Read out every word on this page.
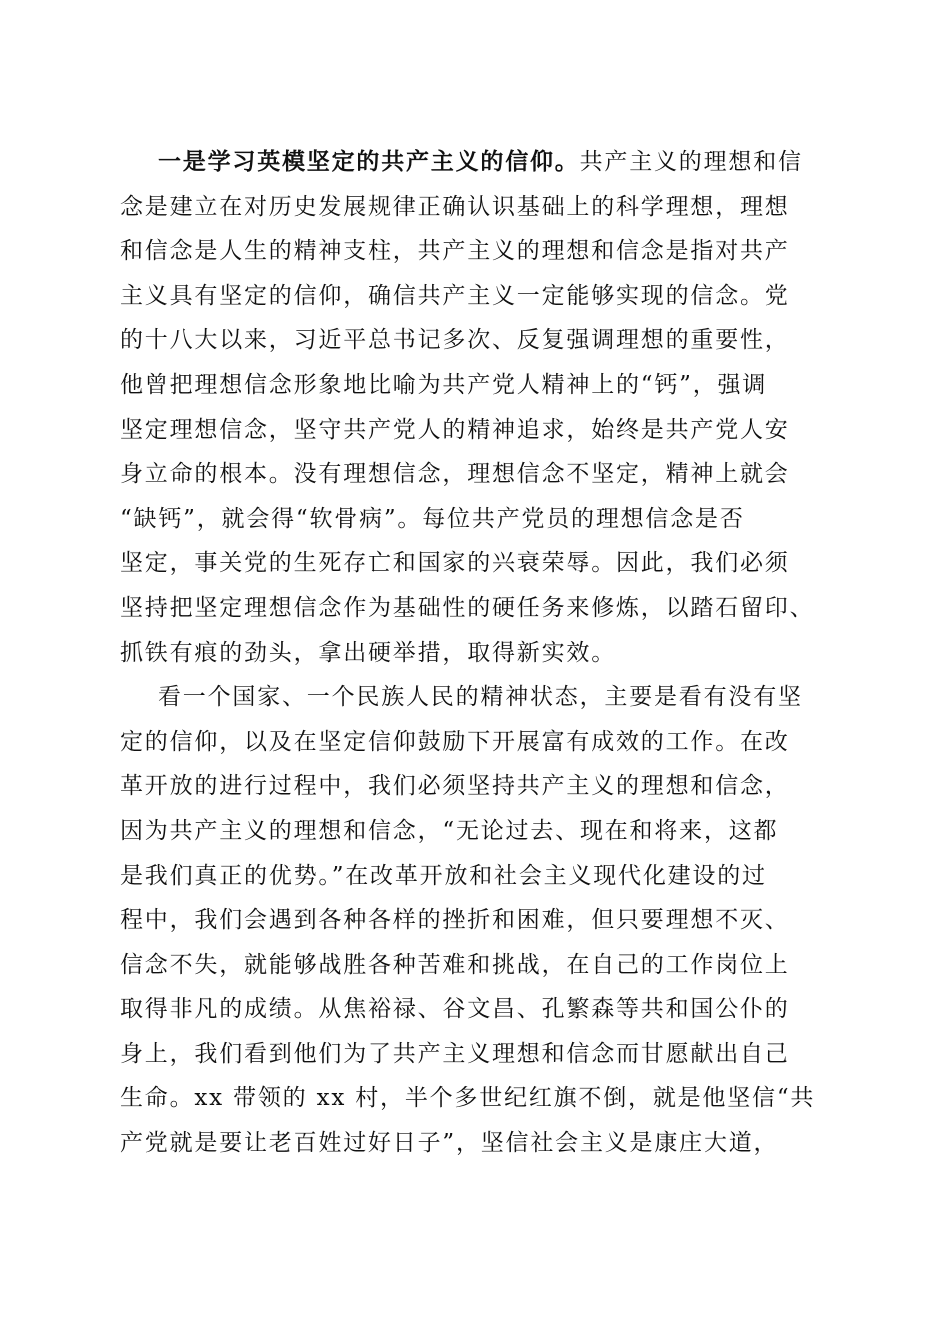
一是学习英模坚定的共产主义的信仰。共产主义的理想和信
念是建立在对历史发展规律正确认识基础上的科学理想，理想
和信念是人生的精神支柱，共产主义的理想和信念是指对共产
主义具有坚定的信仰，确信共产主义一定能够实现的信念。党
的十八大以来，习近平总书记多次、反复强调理想的重要性，
他曾把理想信念形象地比喻为共产党人精神上的“钙”，强调
坚定理想信念，坚守共产党人的精神追求，始终是共产党人安
身立命的根本。没有理想信念，理想信念不坚定，精神上就会
“缺钙”，就会得“软骨病”。每位共产党员的理想信念是否
坚定，事关党的生死存亡和国家的兴衰荣辱。因此，我们必须
坚持把坚定理想信念作为基础性的硬任务来修炼，以踏石留印、
抓铁有痕的劲头，拿出硬举措，取得新实效。
看一个国家、一个民族人民的精神状态，主要是看有没有坚
定的信仰，以及在坚定信仰鼓励下开展富有成效的工作。在改
革开放的进行过程中，我们必须坚持共产主义的理想和信念，
因为共产主义的理想和信念，“无论过去、现在和将来，这都
是我们真正的优势。”在改革开放和社会主义现代化建设的过
程中，我们会遇到各种各样的挫折和困难，但只要理想不灭、
信念不失，就能够战胜各种苦难和挑战，在自己的工作岗位上
取得非凡的成绩。从焦裕禄、谷文昌、孔繁森等共和国公仆的
身上，我们看到他们为了共产主义理想和信念而甘愿献出自己
生命。xx 带领的 xx 村，半个多世纪红旗不倒，就是他坚信“共
产党就是要让老百姓过好日子”，坚信社会主义是康庄大道，
